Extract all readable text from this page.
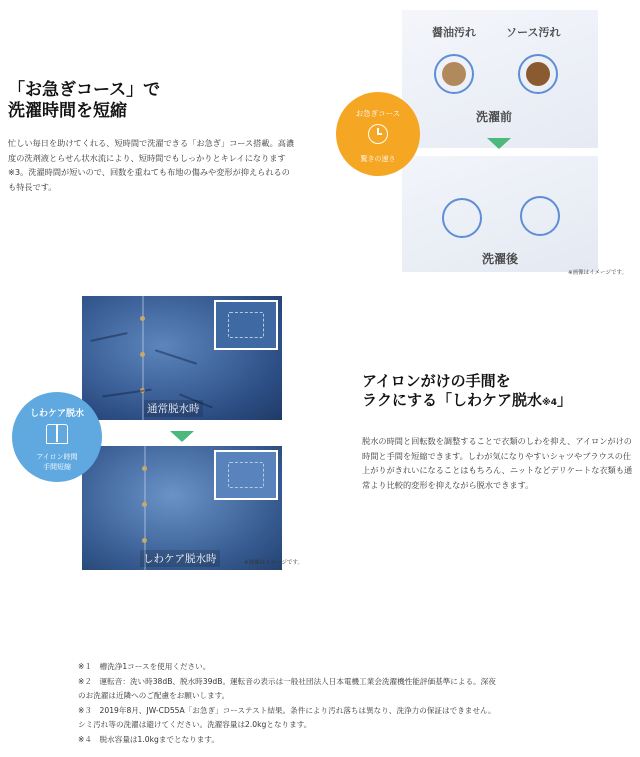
「お急ぎコース」で
洗濯時間を短縮

忙しい毎日を助けてくれる、短時間で洗濯できる「お急ぎ」コース搭載。高濃度の洗剤液とらせん状水流により、短時間でもしっかりとキレイになります※3。洗濯時間が短いので、回数を重ねても布地の傷みや変形が抑えられるのも特長です。

醤油汚れ	ソース汚れ
洗濯前
洗濯後
※画像はイメージです。
お急ぎコース
驚きの速さ
通常脱水時
しわケア脱水時	※画像はイメージです。
しわケア脱水
アイロン時間
手間短縮
アイロンがけの手間を
ラクにする「しわケア脱水※4」

脱水の時間と回転数を調整することで衣類のしわを抑え、アイロンがけの時間と手間を短縮できます。しわが気になりやすいシャツやブラウスの仕上がりがきれいになることはもちろん、ニットなどデリケートな衣類も通常より比較的変形を抑えながら脱水できます。

※１　槽洗浄1コースを使用ください。
※２　運転音：洗い時38dB、脱水時39dB。運転音の表示は一般社団法人日本電機工業会洗濯機性能評価基準による。深夜
のお洗濯は近隣へのご配慮をお願いします。
※３　2019年8月、JW-CD55A「お急ぎ」コーステスト結果。条件により汚れ落ちは異なり、洗浄力の保証はできません。
シミ汚れ等の洗濯は避けてください。洗濯容量は2.0kgとなります。
※４　脱水容量は1.0kgまでとなります。
